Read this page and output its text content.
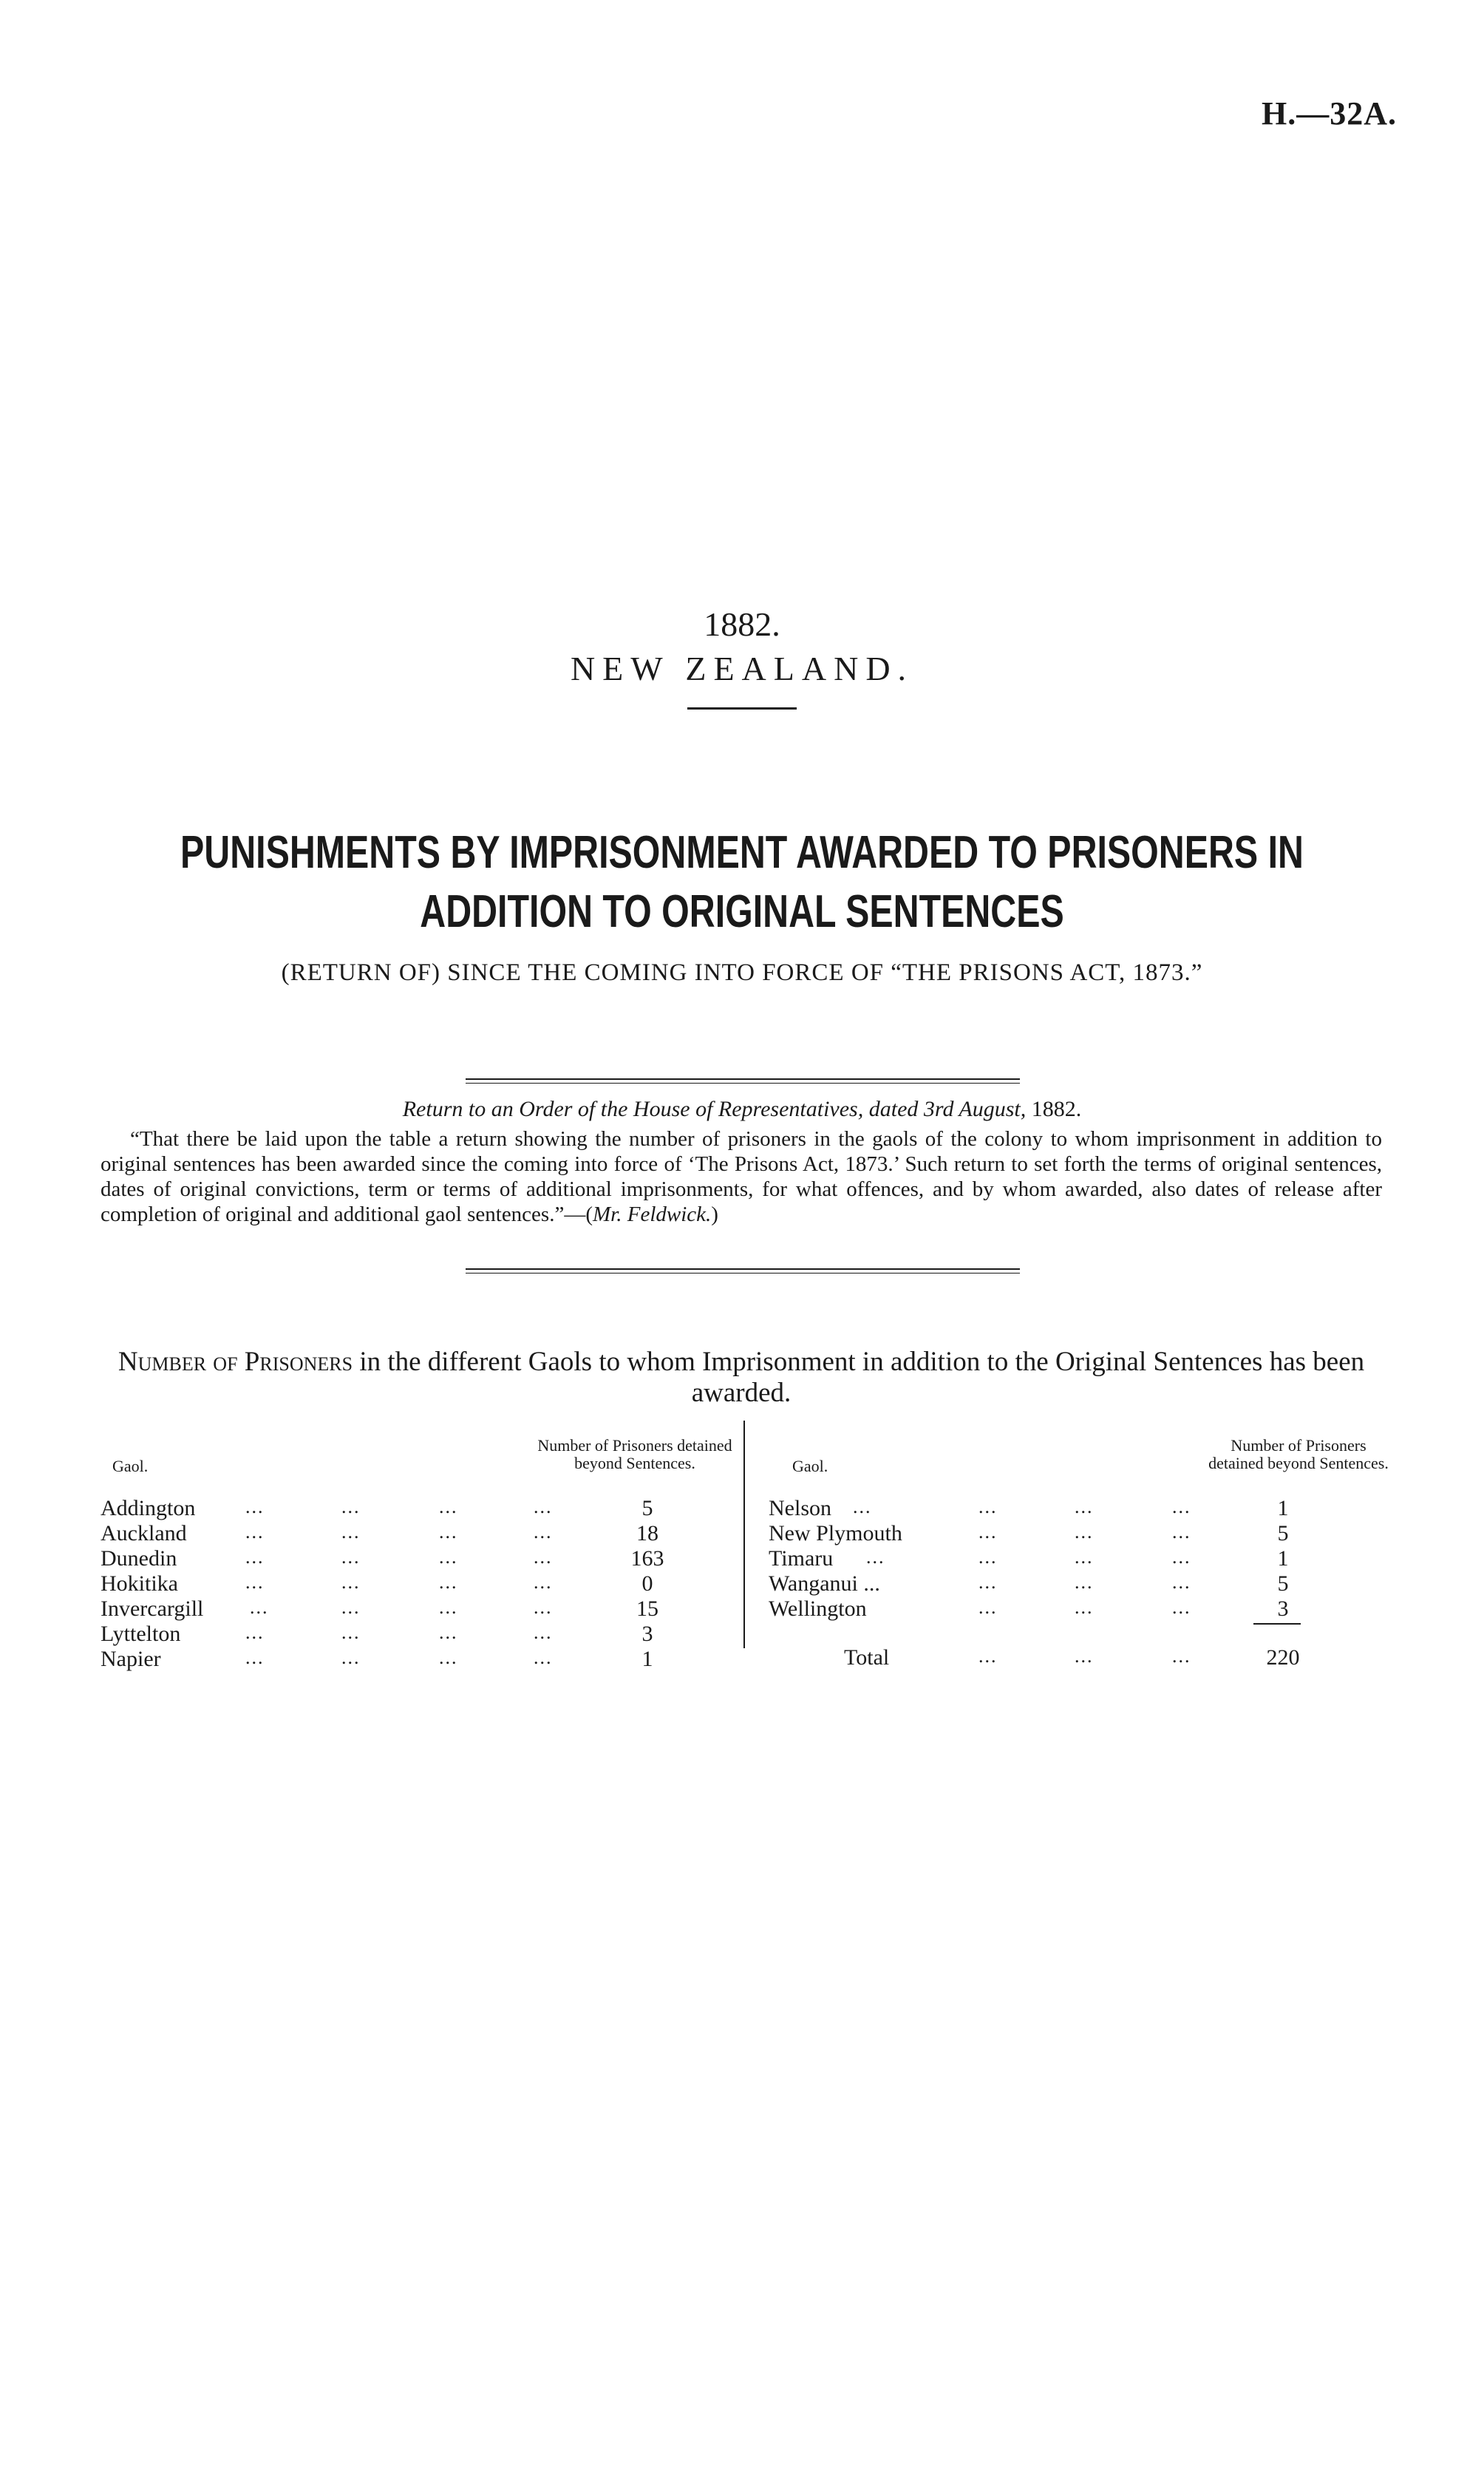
H.—32A.
1882.
NEW ZEALAND.
PUNISHMENTS BY IMPRISONMENT AWARDED TO PRISONERS IN
ADDITION TO ORIGINAL SENTENCES
(RETURN OF) SINCE THE COMING INTO FORCE OF “THE PRISONS ACT, 1873.”
Return to an Order of the House of Representatives, dated 3rd August, 1882.
“That there be laid upon the table a return showing the number of prisoners in the gaols of the colony to whom imprisonment in addition to original sentences has been awarded since the coming into force of ‘The Prisons Act, 1873.’ Such return to set forth the terms of original sentences, dates of original convictions, term or terms of additional imprisonments, for what offences, and by whom awarded, also dates of release after completion of original and additional gaol sentences.”—(Mr. Feldwick.)
Number of Prisoners in the different Gaols to whom Imprisonment in addition to the Original Sentences has been awarded.
Gaol.
Number of Prisoners detained beyond Sentences.	Gaol.
Number of Prisoners detained beyond Sentences.
Addington	...	...	...	...	5
Auckland	...	...	...	...	18
Dunedin	...	...	...	...	163
Hokitika	...	...	...	...	0
Invercargill ...	...	...	...	15
Lyttelton	...	...	...	...	3
Napier	...	...	...	...	1
Nelson ...	...	...	...	1
New Plymouth	...	...	...	5
Timaru ...	...	...	...	1
Wanganui ...	...	...	...	5
Wellington	...	...	...	3
Total	...	...	...	220
